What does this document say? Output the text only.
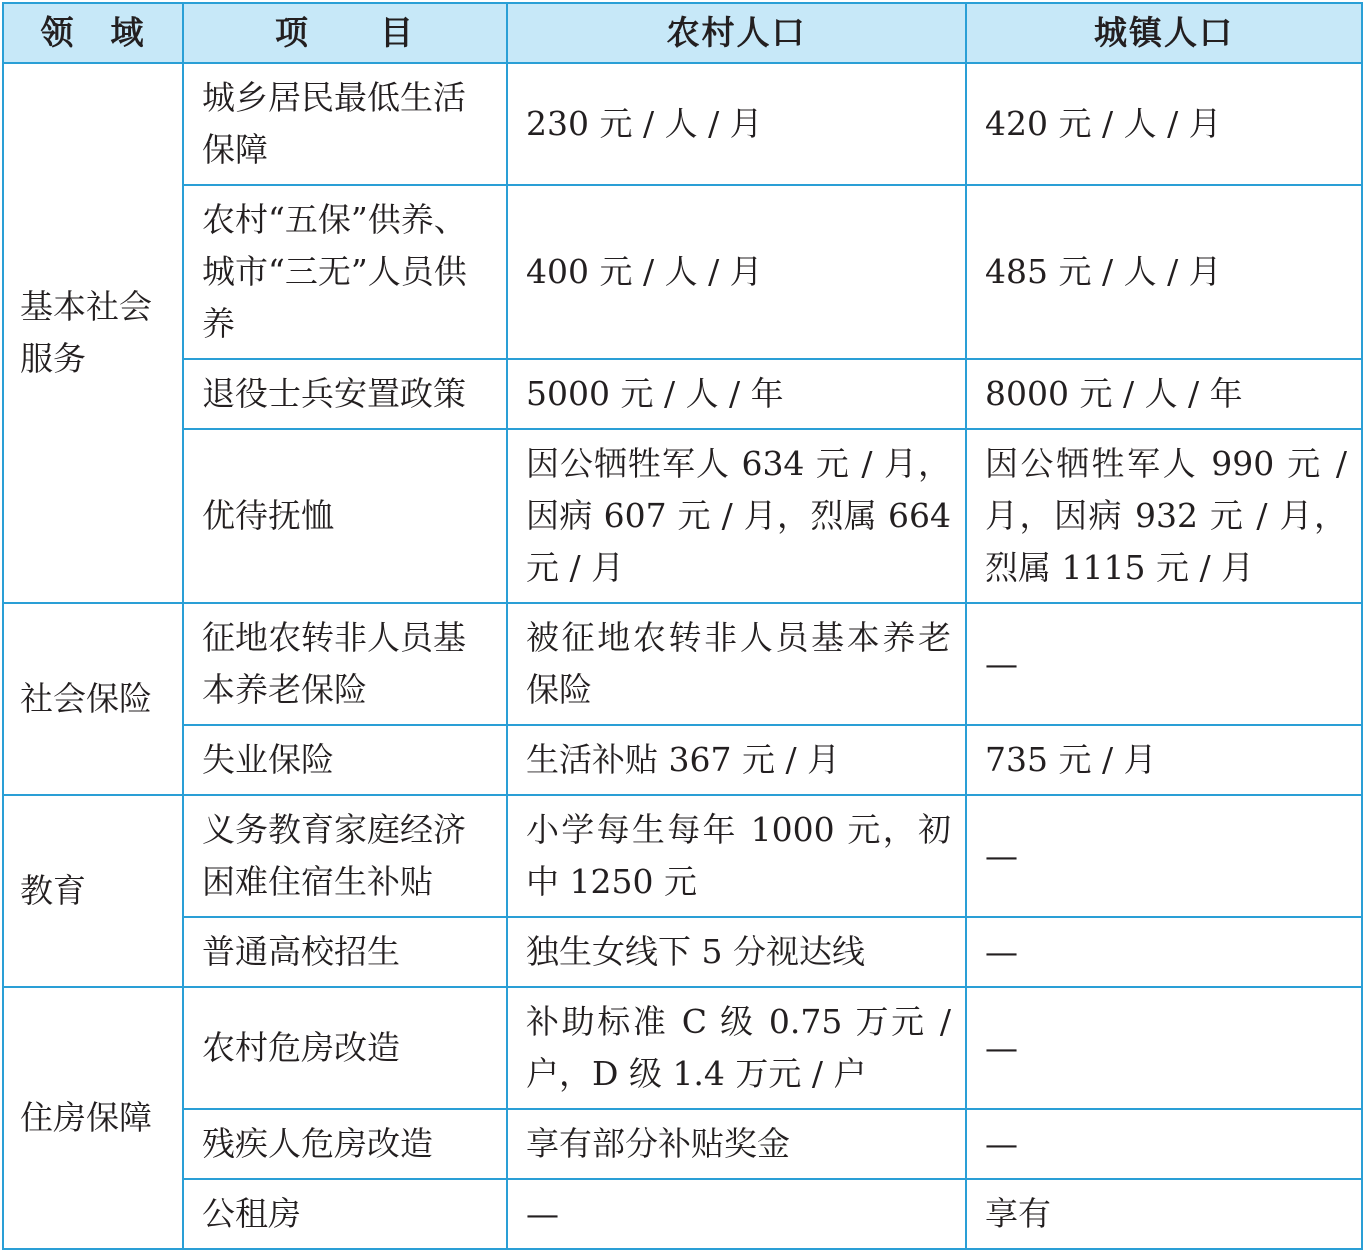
领　域	项　　目	农村人口	城镇人口
基本社会服务	城乡居民最低生活保障	230 元 / 人 / 月	420 元 / 人 / 月
	农村“五保”供养、城市“三无”人员供养	400 元 / 人 / 月	485 元 / 人 / 月
	退役士兵安置政策	5000 元 / 人 / 年	8000 元 / 人 / 年
	优待抚恤	因公牺牲军人 634 元 / 月，因病 607 元 / 月，烈属 664 元 / 月	因公牺牲军人 990 元 / 月，因病 932 元 / 月，烈属 1115 元 / 月
社会保险	征地农转非人员基本养老保险	被征地农转非人员基本养老保险	—
	失业保险	生活补贴 367 元 / 月	735 元 / 月
教育	义务教育家庭经济困难住宿生补贴	小学每生每年 1000 元，初中 1250 元	—
	普通高校招生	独生女线下 5 分视达线	—
住房保障	农村危房改造	补助标准 C 级 0.75 万元 / 户，D 级 1.4 万元 / 户	—
	残疾人危房改造	享有部分补贴奖金	—
	公租房	—	享有
